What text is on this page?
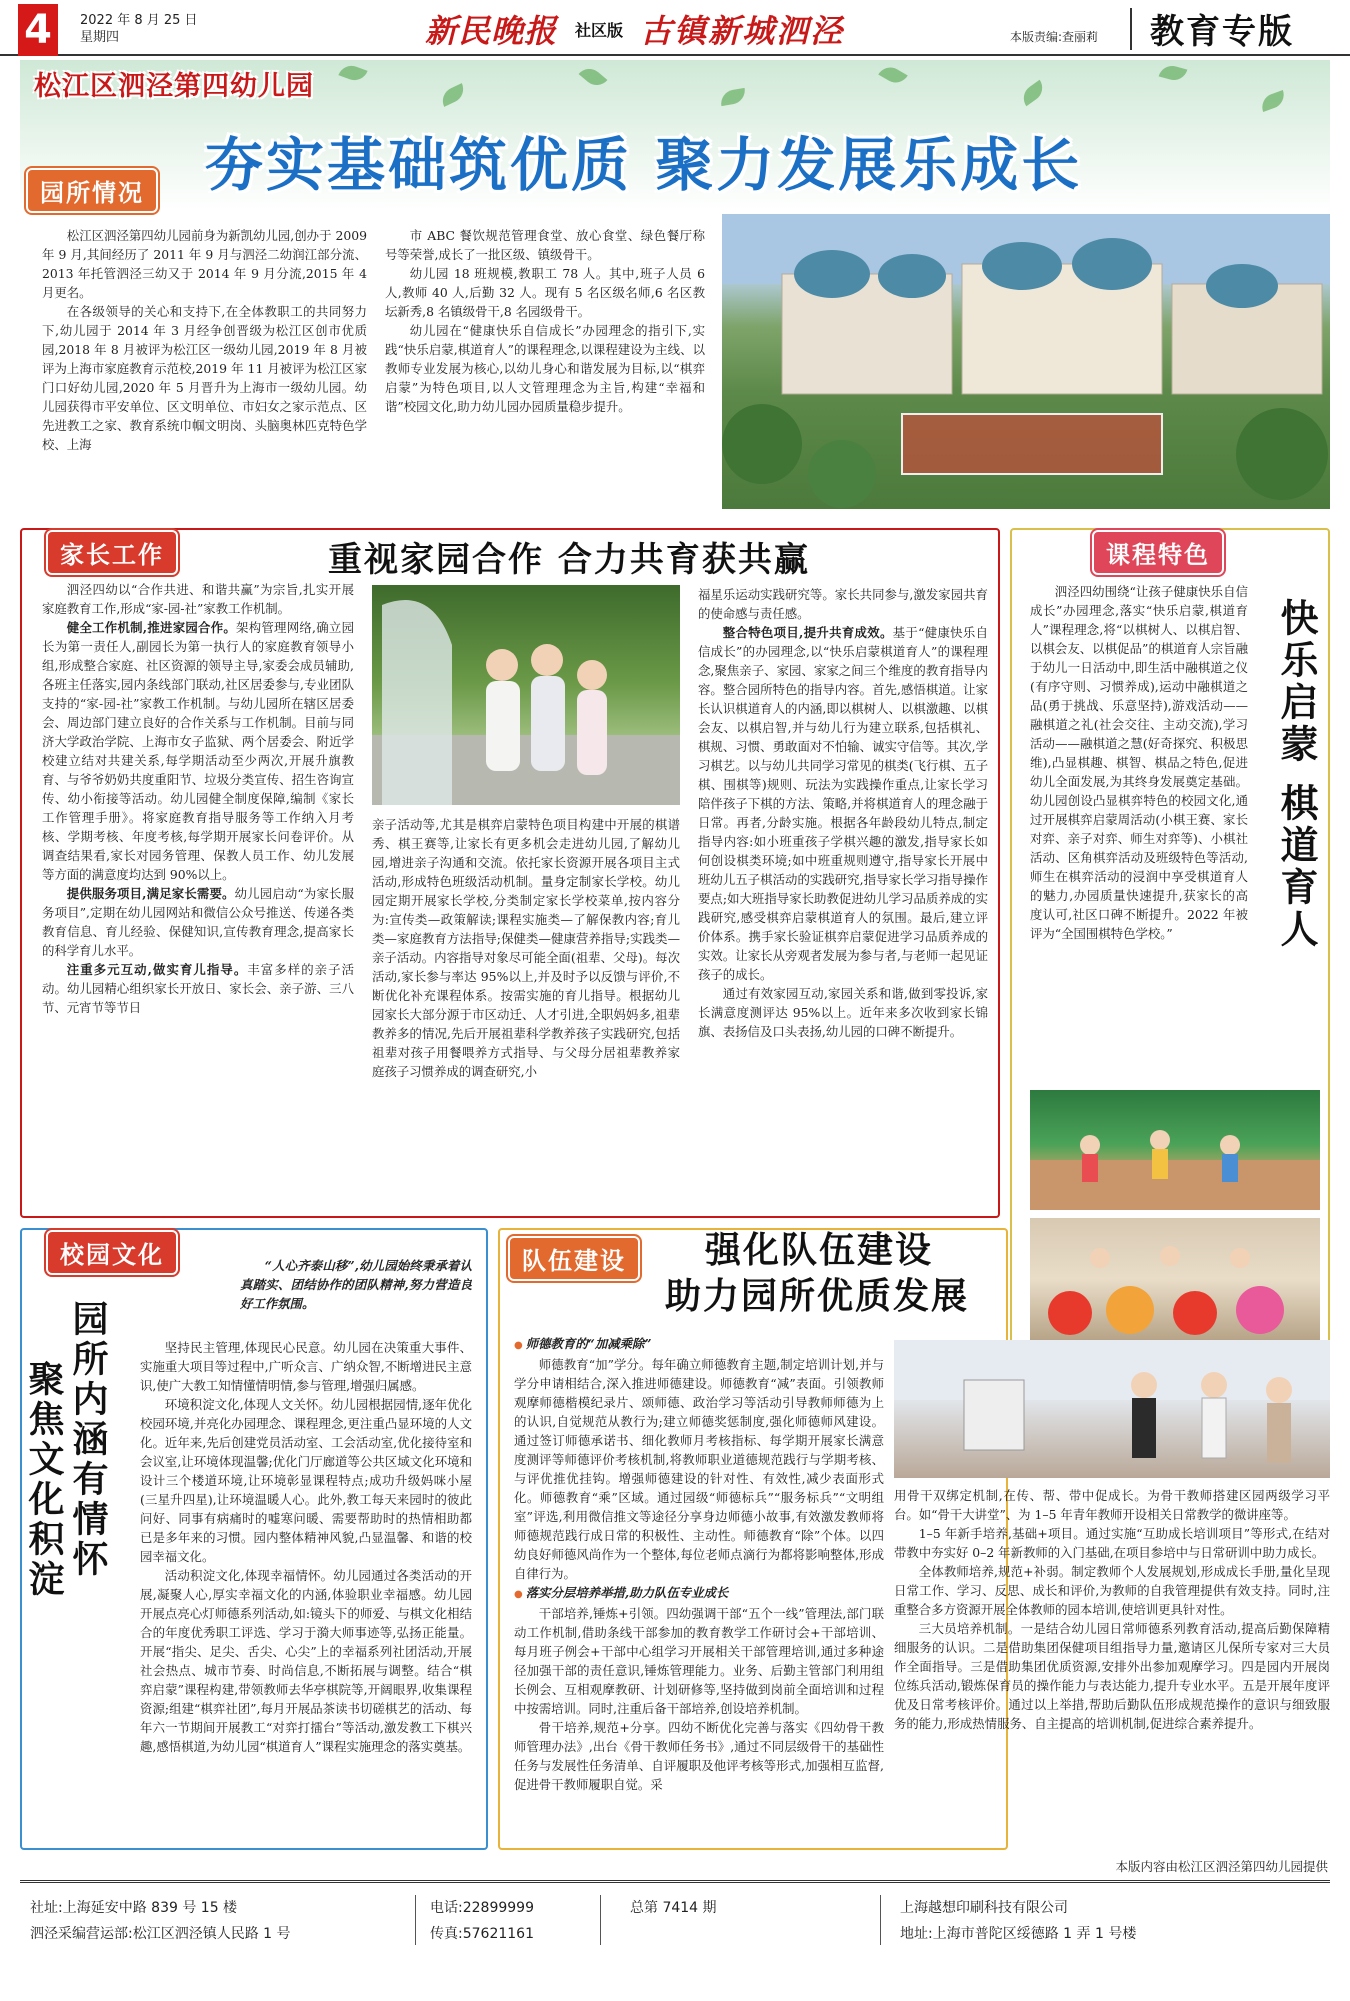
4	2022 年 8 月 25 日
星期四	新民晚报 社区版 古镇新城泗泾	本版责编:查丽莉 教育专版
松江区泗泾第四幼儿园
夯实基础筑优质 聚力发展乐成长
园所情况

松江区泗泾第四幼儿园前身为新凯幼儿园,创办于 2009 年 9 月,其间经历了 2011 年 9 月与泗泾二幼润江部分流、2013 年托管泗泾三幼又于 2014 年 9 月分流,2015 年 4 月更名。

在各级领导的关心和支持下,在全体教职工的共同努力下,幼儿园于 2014 年 3 月经争创晋级为松江区创市优质园,2018 年 8 月被评为松江区一级幼儿园,2019 年 8 月被评为上海市家庭教育示范校,2019 年 11 月被评为松江区家门口好幼儿园,2020 年 5 月晋升为上海市一级幼儿园。幼儿园获得市平安单位、区文明单位、市妇女之家示范点、区先进教工之家、教育系统巾帼文明岗、头脑奥林匹克特色学校、上海

市 ABC 餐饮规范管理食堂、放心食堂、绿色餐厅称号等荣誉,成长了一批区级、镇级骨干。

幼儿园 18 班规模,教职工 78 人。其中,班子人员 6 人,教师 40 人,后勤 32 人。现有 5 名区级名师,6 名区教坛新秀,8 名镇级骨干,8 名园级骨干。

幼儿园在“健康快乐自信成长”办园理念的指引下,实践“快乐启蒙,棋道育人”的课程理念,以课程建设为主线、以教师专业发展为核心,以幼儿身心和谐发展为目标,以“棋弈启蒙”为特色项目,以人文管理理念为主旨,构建“幸福和谐”校园文化,助力幼儿园办园质量稳步提升。

家长工作	重视家园合作 合力共育获共赢

泗泾四幼以“合作共进、和谐共赢”为宗旨,扎实开展家庭教育工作,形成“家-园-社”家教工作机制。

健全工作机制,推进家园合作。架构管理网络,确立园长为第一责任人,副园长为第一执行人的家庭教育领导小组,形成整合家庭、社区资源的领导主导,家委会成员辅助,各班主任落实,园内条线部门联动,社区居委参与,专业团队支持的“家-园-社”家教工作机制。与幼儿园所在辖区居委会、周边部门建立良好的合作关系与工作机制。目前与同济大学政治学院、上海市女子监狱、两个居委会、附近学校建立结对共建关系,每学期活动至少两次,开展升旗教育、与爷爷奶奶共度重阳节、垃圾分类宣传、招生咨询宣传、幼小衔接等活动。幼儿园健全制度保障,编制《家长工作管理手册》。将家庭教育指导服务等工作纳入月考核、学期考核、年度考核,每学期开展家长问卷评价。从调查结果看,家长对园务管理、保教人员工作、幼儿发展等方面的满意度均达到 90%以上。

提供服务项目,满足家长需要。幼儿园启动“为家长服务项目”,定期在幼儿园网站和微信公众号推送、传递各类教育信息、育儿经验、保健知识,宣传教育理念,提高家长的科学育儿水平。

注重多元互动,做实育儿指导。丰富多样的亲子活动。幼儿园精心组织家长开放日、家长会、亲子游、三八节、元宵节等节日

亲子活动等,尤其是棋弈启蒙特色项目构建中开展的棋谱秀、棋王赛等,让家长有更多机会走进幼儿园,了解幼儿园,增进亲子沟通和交流。依托家长资源开展各项目主式活动,形成特色班级活动机制。量身定制家长学校。幼儿园定期开展家长学校,分类制定家长学校菜单,按内容分为:宣传类—政策解读;课程实施类—了解保教内容;育儿类—家庭教育方法指导;保健类—健康营养指导;实践类—亲子活动。内容指导对象尽可能全面(祖辈、父母)。每次活动,家长参与率达 95%以上,并及时予以反馈与评价,不断优化补充课程体系。按需实施的育儿指导。根据幼儿园家长大部分源于市区动迁、人才引进,全职妈妈多,祖辈教养多的情况,先后开展祖辈科学教养孩子实践研究,包括祖辈对孩子用餐喂养方式指导、与父母分居祖辈教养家庭孩子习惯养成的调查研究,小

福星乐运动实践研究等。家长共同参与,激发家园共育的使命感与责任感。

整合特色项目,提升共育成效。基于“健康快乐自信成长”的办园理念,以“快乐启蒙棋道育人”的课程理念,聚焦亲子、家园、家家之间三个维度的教育指导内容。整合园所特色的指导内容。首先,感悟棋道。让家长认识棋道育人的内涵,即以棋树人、以棋激趣、以棋会友、以棋启智,并与幼儿行为建立联系,包括棋礼、棋规、习惯、勇敢面对不怕输、诚实守信等。其次,学习棋艺。以与幼儿共同学习常见的棋类(飞行棋、五子棋、围棋等)规则、玩法为实践操作重点,让家长学习陪伴孩子下棋的方法、策略,并将棋道育人的理念融于日常。再者,分龄实施。根据各年龄段幼儿特点,制定指导内容:如小班重孩子学棋兴趣的激发,指导家长如何创设棋类环境;如中班重规则遵守,指导家长开展中班幼儿五子棋活动的实践研究,指导家长学习指导操作要点;如大班指导家长助教促进幼儿学习品质养成的实践研究,感受棋弈启蒙棋道育人的氛围。最后,建立评价体系。携手家长验证棋弈启蒙促进学习品质养成的实效。让家长从旁观者发展为参与者,与老师一起见证孩子的成长。

通过有效家园互动,家园关系和谐,做到零投诉,家长满意度测评达 95%以上。近年来多次收到家长锦旗、表扬信及口头表扬,幼儿园的口碑不断提升。

课程特色

泗泾四幼围绕“让孩子健康快乐自信成长”办园理念,落实“快乐启蒙,棋道育人”课程理念,将“以棋树人、以棋启智、以棋会友、以棋促品”的棋道育人宗旨融于幼儿一日活动中,即生活中融棋道之仪(有序守则、习惯养成),运动中融棋道之品(勇于挑战、乐意坚持),游戏活动——融棋道之礼(社会交往、主动交流),学习活动——融棋道之慧(好奇探究、积极思维),凸显棋趣、棋智、棋品之特色,促进幼儿全面发展,为其终身发展奠定基础。幼儿园创设凸显棋弈特色的校园文化,通过开展棋弈启蒙周活动(小棋王赛、家长对弈、亲子对弈、师生对弈等)、小棋社活动、区角棋弈活动及班级特色等活动,师生在棋弈活动的浸润中享受棋道育人的魅力,办园质量快速提升,获家长的高度认可,社区口碑不断提升。2022 年被评为“全国围棋特色学校。”	快乐启蒙 棋道育人
校园文化
园所内涵有情怀
聚焦文化积淀

“人心齐泰山移”,幼儿园始终秉承着认真踏实、团结协作的团队精神,努力营造良好工作氛围。

坚持民主管理,体现民心民意。幼儿园在决策重大事件、实施重大项目等过程中,广听众言、广纳众智,不断增进民主意识,使广大教工知情懂情明情,参与管理,增强归属感。

环境积淀文化,体现人文关怀。幼儿园根据园情,逐年优化校园环境,并亮化办园理念、课程理念,更注重凸显环境的人文化。近年来,先后创建党员活动室、工会活动室,优化接待室和会议室,让环境体现温馨;优化门厅廊道等公共区域文化环境和设计三个楼道环境,让环境彰显课程特点;成功升级妈咪小屋(三星升四星),让环境温暖人心。此外,教工每天来园时的彼此问好、同事有病痛时的嘘寒问暖、需要帮助时的热情相助都已是多年来的习惯。园内整体精神风貌,凸显温馨、和谐的校园幸福文化。

活动积淀文化,体现幸福情怀。幼儿园通过各类活动的开展,凝聚人心,厚实幸福文化的内涵,体验职业幸福感。幼儿园开展点亮心灯师德系列活动,如:镜头下的师爱、与棋文化相结合的年度优秀职工评选、学习于漪大师事迹等,弘扬正能量。开展“指尖、足尖、舌尖、心尖”上的幸福系列社团活动,开展社会热点、城市节奏、时尚信息,不断拓展与调整。结合“棋弈启蒙”课程构建,带领教师去华亭棋院等,开阔眼界,收集课程资源;组建“棋弈社团”,每月开展品茶读书切磋棋艺的活动、每年六一节期间开展教工“对弈打擂台”等活动,激发教工下棋兴趣,感悟棋道,为幼儿园“棋道育人”课程实施理念的落实奠基。

队伍建设	强化队伍建设
助力园所优质发展
● 师德教育的“加减乘除”

师德教育“加”学分。每年确立师德教育主题,制定培训计划,并与学分申请相结合,深入推进师德建设。师德教育“减”表面。引领教师观摩师德楷模纪录片、颂师德、政治学习等活动引导教师师德为上的认识,自觉规范从教行为;建立师德奖惩制度,强化师德师风建设。通过签订师德承诺书、细化教师月考核指标、每学期开展家长满意度测评等师德评价考核机制,将教师职业道德规范践行与学期考核、与评优推优挂钩。增强师德建设的针对性、有效性,减少表面形式化。师德教育“乘”区域。通过园级“师德标兵”“服务标兵”“文明组室”评选,利用微信推文等途径分享身边师德小故事,有效激发教师将师德规范践行成日常的积极性、主动性。师德教育“除”个体。以四幼良好师德风尚作为一个整体,每位老师点滴行为都将影响整体,形成自律行为。

● 落实分层培养举措,助力队伍专业成长

干部培养,锤炼+引领。四幼强调干部“五个一线”管理法,部门联动工作机制,借助条线干部参加的教育教学工作研讨会+干部培训、每月班子例会+干部中心组学习开展相关干部管理培训,通过多种途径加强干部的责任意识,锤炼管理能力。业务、后勤主管部门利用组长例会、互相观摩教研、计划研修等,坚持做到岗前全面培训和过程中按需培训。同时,注重后备干部培养,创设培养机制。

骨干培养,规范+分享。四幼不断优化完善与落实《四幼骨干教师管理办法》,出台《骨干教师任务书》,通过不同层级骨干的基础性任务与发展性任务清单、自评履职及他评考核等形式,加强相互监督,促进骨干教师履职自觉。采

用骨干双绑定机制,在传、帮、带中促成长。为骨干教师搭建区园两级学习平台。如“骨干大讲堂”、为 1–5 年青年教师开设相关日常教学的微讲座等。

1–5 年新手培养,基础+项目。通过实施“互助成长培训项目”等形式,在结对带教中夯实好 0–2 年新教师的入门基础,在项目参培中与日常研训中助力成长。

全体教师培养,规范+补弱。制定教师个人发展规划,形成成长手册,量化呈现日常工作、学习、反思、成长和评价,为教师的自我管理提供有效支持。同时,注重整合多方资源开展全体教师的园本培训,使培训更具针对性。

三大员培养机制。一是结合幼儿园日常师德系列教育活动,提高后勤保障精细服务的认识。二是借助集团保健项目组指导力量,邀请区儿保所专家对三大员作全面指导。三是借助集团优质资源,安排外出参加观摩学习。四是园内开展岗位练兵活动,锻炼保育员的操作能力与表达能力,提升专业水平。五是开展年度评优及日常考核评价。通过以上举措,帮助后勤队伍形成规范操作的意识与细致服务的能力,形成热情服务、自主提高的培训机制,促进综合素养提升。

本版内容由松江区泗泾第四幼儿园提供
社址:上海延安中路 839 号 15 楼
泗泾采编营运部:松江区泗泾镇人民路 1 号
电话:22899999
传真:57621161
总第 7414 期	上海越想印刷科技有限公司
地址:上海市普陀区绥德路 1 弄 1 号楼
